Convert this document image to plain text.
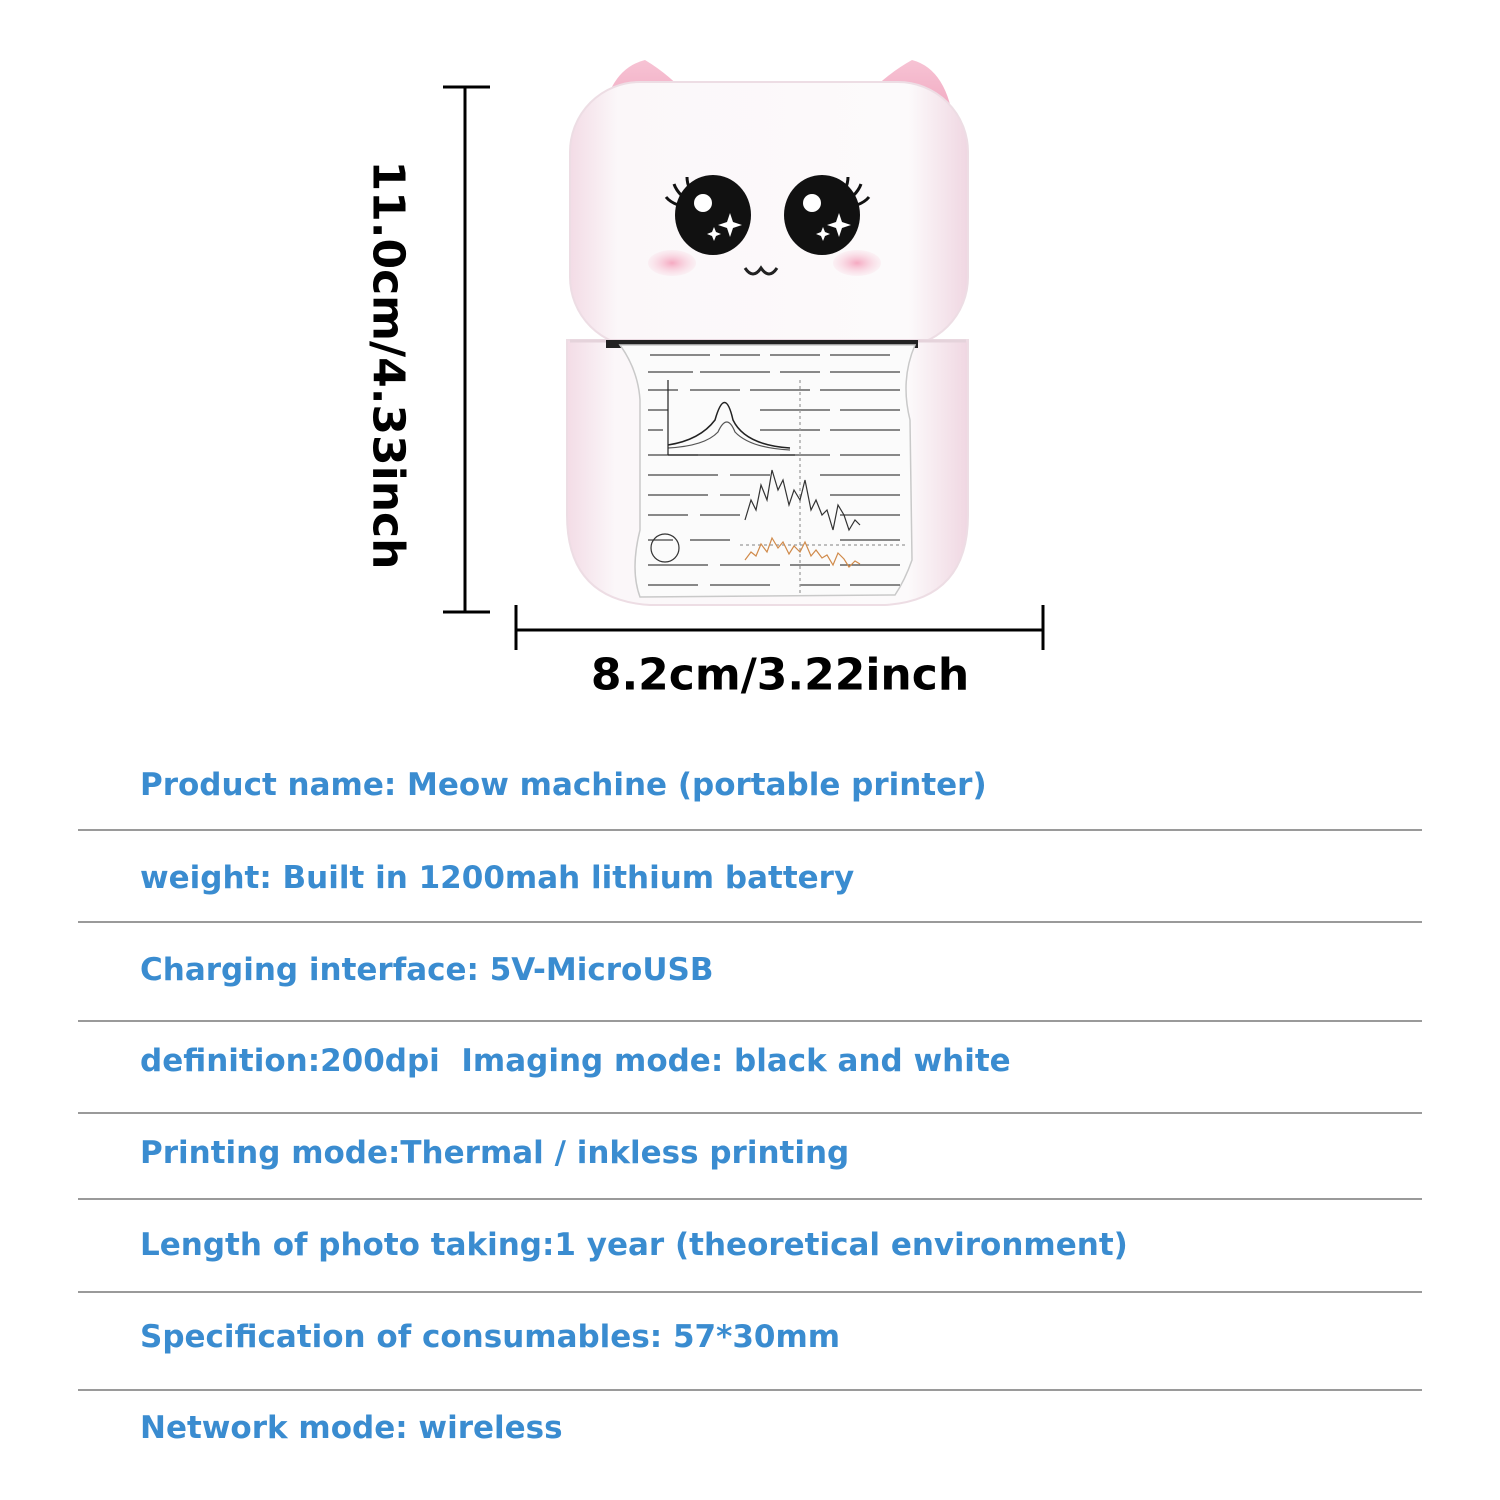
11.0cm/4.33inch
8.2cm/3.22inch
Product name: Meow machine (portable printer)
weight: Built in 1200mah lithium battery
Charging interface: 5V-MicroUSB
definition:200dpi  Imaging mode: black and white
Printing mode:Thermal / inkless printing
Length of photo taking:1 year (theoretical environment)
Specification of consumables: 57*30mm
Network mode: wireless
